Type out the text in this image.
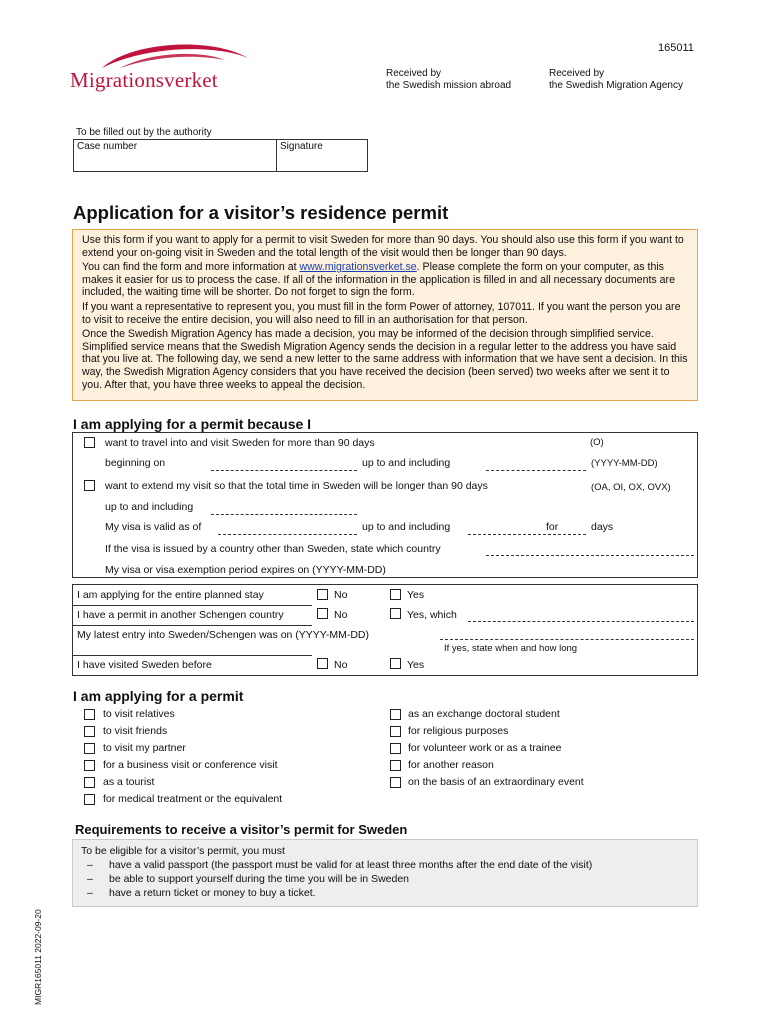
Migrationsverket
165011
Received by
the Swedish mission abroad
Received by
the Swedish Migration Agency
To be filled out by the authority
Case number	Signature
Application for a visitor’s residence permit

Use this form if you want to apply for a permit to visit Sweden for more than 90 days. You should also use this form if you want to extend your on-going visit in Sweden and the total length of the visit would then be longer than 90 days.

You can find the form and more information at www.migrationsverket.se. Please complete the form on your computer, as this makes it easier for us to process the case. If all of the information in the application is filled in and all necessary documents are included, the waiting time will be shorter. Do not forget to sign the form.

If you want a representative to represent you, you must fill in the form Power of attorney, 107011. If you want the person you are to visit to receive the entire decision, you will also need to fill in an authorisation for that person.

Once the Swedish Migration Agency has made a decision, you may be informed of the decision through simplified service. Simplified service means that the Swedish Migration Agency sends the decision in a regular letter to the address you have said that you live at. The following day, we send a new letter to the same address with information that we have sent a decision. In this way, the Swedish Migration Agency considers that you have received the decision (been served) two weeks after we sent it to you. After that, you have three weeks to appeal the decision.

I am applying for a permit because I
want to travel into and visit Sweden for more than 90 days	(O)
beginning on	up to and including	(YYYY-MM-DD)
want to extend my visit so that the total time in Sweden will be longer than 90 days	(OA, OI, OX, OVX)
up to and including
My visa is valid as of	up to and including	for	days
If the visa is issued by a country other than Sweden, state which country
My visa or visa exemption period expires on (YYYY-MM-DD)
I am applying for the entire planned stay	No	Yes
I have a permit in another Schengen country	No	Yes, which
My latest entry into Sweden/Schengen was on (YYYY-MM-DD)
If yes, state when and how long
I have visited Sweden before	No	Yes
I am applying for a permit
to visit relatives
to visit friends
to visit my partner
for a business visit or conference visit
as a tourist
for medical treatment or the equivalent
as an exchange doctoral student
for religious purposes
for volunteer work or as a trainee
for another reason
on the basis of an extraordinary event
Requirements to receive a visitor’s permit for Sweden
To be eligible for a visitor’s permit, you must
– have a valid passport (the passport must be valid for at least three months after the end date of the visit)
– be able to support yourself during the time you will be in Sweden
– have a return ticket or money to buy a ticket.
MIGR165011 2022-09-20
